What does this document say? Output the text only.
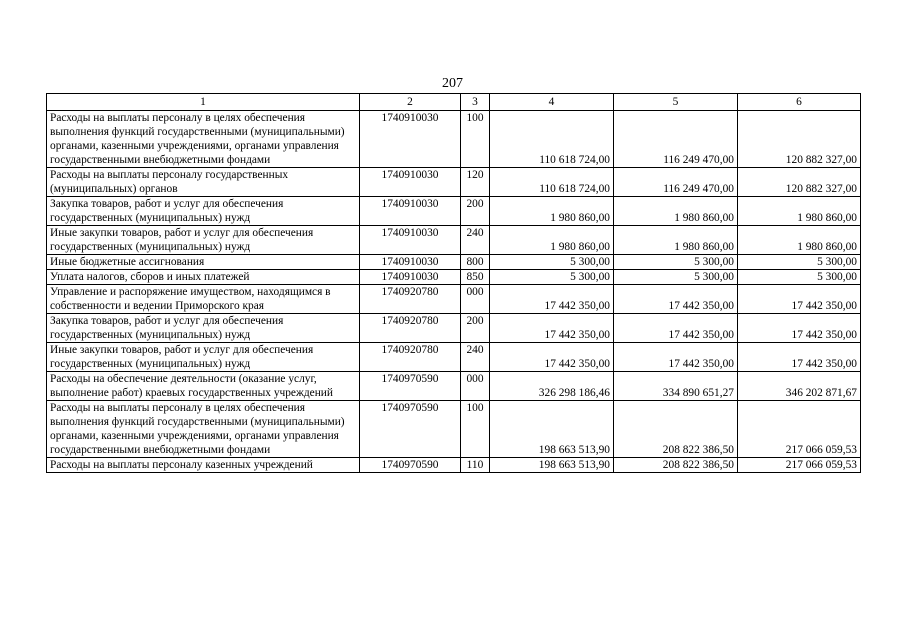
207
1	2	3	4	5	6
Расходы на выплаты персоналу в целях обеспечения выполнения функций государственными (муниципальными) органами, казенными учреждениями, органами управления государственными внебюджетными фондами	1740910030	100	110 618 724,00	116 249 470,00	120 882 327,00
Расходы на выплаты персоналу государственных (муниципальных) органов	1740910030	120	110 618 724,00	116 249 470,00	120 882 327,00
Закупка товаров, работ и услуг для обеспечения государственных (муниципальных) нужд	1740910030	200	1 980 860,00	1 980 860,00	1 980 860,00
Иные закупки товаров, работ и услуг для обеспечения государственных (муниципальных) нужд	1740910030	240	1 980 860,00	1 980 860,00	1 980 860,00
Иные бюджетные ассигнования	1740910030	800	5 300,00	5 300,00	5 300,00
Уплата налогов, сборов и иных платежей	1740910030	850	5 300,00	5 300,00	5 300,00
Управление и распоряжение имуществом, находящимся в собственности и ведении Приморского края	1740920780	000	17 442 350,00	17 442 350,00	17 442 350,00
Закупка товаров, работ и услуг для обеспечения государственных (муниципальных) нужд	1740920780	200	17 442 350,00	17 442 350,00	17 442 350,00
Иные закупки товаров, работ и услуг для обеспечения государственных (муниципальных) нужд	1740920780	240	17 442 350,00	17 442 350,00	17 442 350,00
Расходы на обеспечение деятельности (оказание услуг, выполнение работ) краевых государственных учреждений	1740970590	000	326 298 186,46	334 890 651,27	346 202 871,67
Расходы на выплаты персоналу в целях обеспечения выполнения функций государственными (муниципальными) органами, казенными учреждениями, органами управления государственными внебюджетными фондами	1740970590	100	198 663 513,90	208 822 386,50	217 066 059,53
Расходы на выплаты персоналу казенных учреждений	1740970590	110	198 663 513,90	208 822 386,50	217 066 059,53
